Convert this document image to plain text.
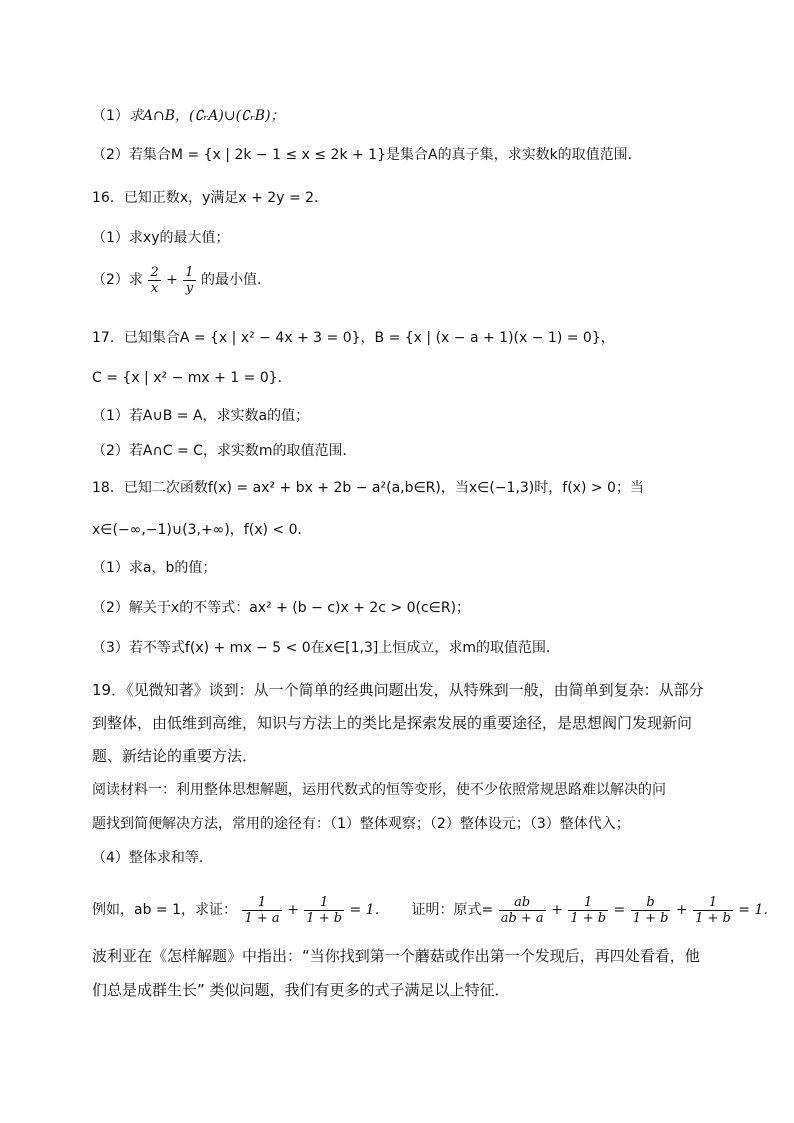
（1）求A∩B，(∁ᵣA)∪(∁ᵣB)；
（2）若集合M = {x | 2k − 1 ≤ x ≤ 2k + 1}是集合A的真子集，求实数k的取值范围．
16．已知正数x，y满足x + 2y = 2．
（1）求xy的最大值；
（2）求 $\frac{2}{x} + \frac{1}{y}$ 的最小值.
17．已知集合A = {x | x² − 4x + 3 = 0}，B = {x | (x − a + 1)(x − 1) = 0}，
C = {x | x² − mx + 1 = 0}．
（1）若A∪B = A，求实数a的值；
（2）若A∩C = C，求实数m的取值范围．
18．已知二次函数f(x) = ax² + bx + 2b − a²(a,b∈R)，当x∈(−1,3)时，f(x) > 0；当
x∈(−∞,−1)∪(3,+∞)，f(x) < 0．
（1）求a，b的值；
（2）解关于x的不等式：ax² + (b − c)x + 2c > 0(c∈R)；
（3）若不等式f(x) + mx − 5 < 0在x∈[1,3]上恒成立，求m的取值范围．
19．《见微知著》谈到：从一个简单的经典问题出发，从特殊到一般，由简单到复杂：从部分
到整体，由低维到高维，知识与方法上的类比是探索发展的重要途径，是思想阀门发现新问
题、新结论的重要方法．
阅读材料一：利用整体思想解题，运用代数式的恒等变形，使不少依照常规思路难以解决的问
题找到简便解决方法，常用的途径有：（1）整体观察；（2）整体设元；（3）整体代入；
（4）整体求和等．
例如，ab = 1，求证： $\frac{1}{1 + a} + \frac{1}{1 + b} = 1$． 证明：原式= $\frac{ab}{ab + a} + \frac{1}{1 + b} = \frac{b}{1 + b} + \frac{1}{1 + b} = 1$．
波利亚在《怎样解题》中指出：“当你找到第一个蘑菇或作出第一个发现后，再四处看看，他
们总是成群生长” 类似问题，我们有更多的式子满足以上特征．
